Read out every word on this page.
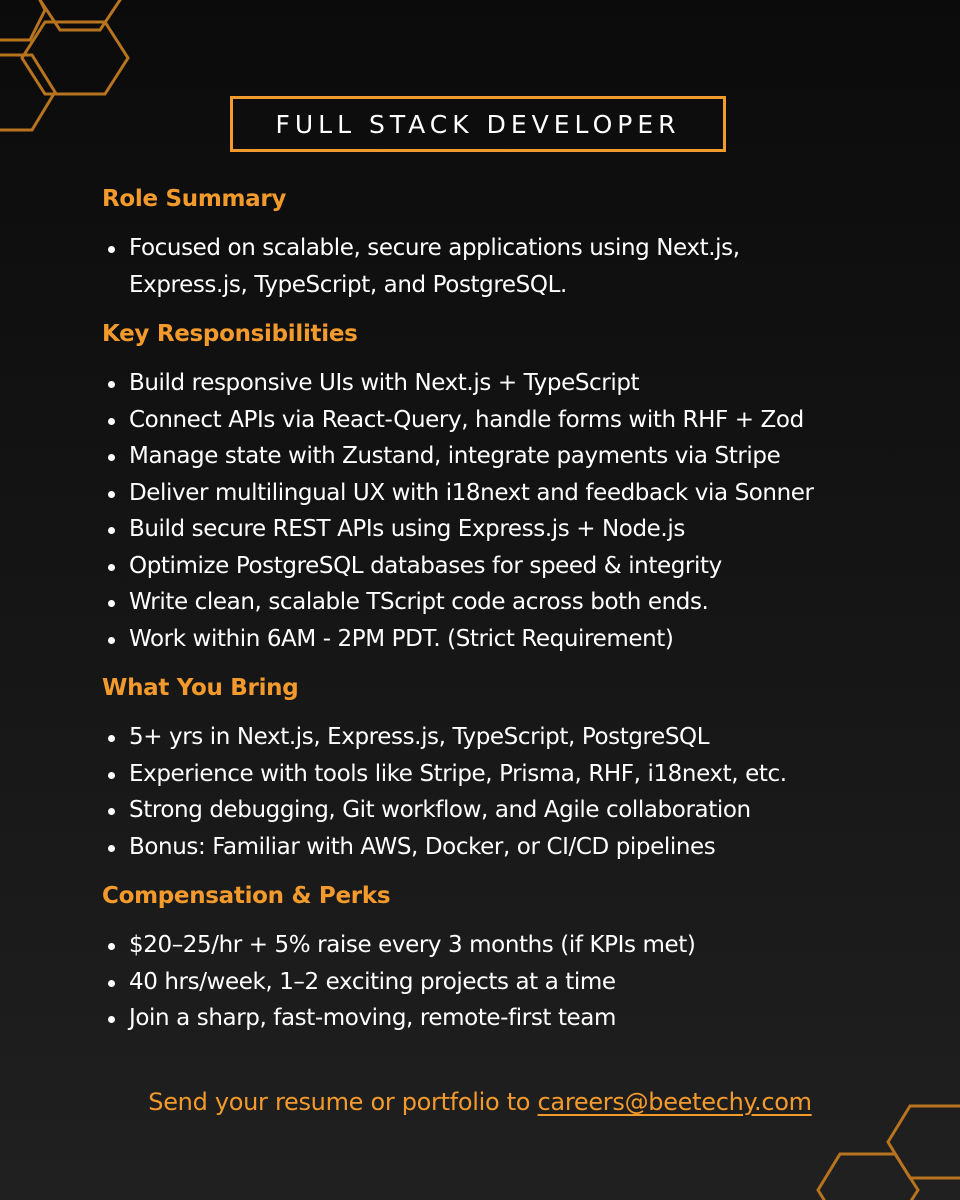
FULL STACK DEVELOPER
Role Summary
Focused on scalable, secure applications using Next.js, Express.js, TypeScript, and PostgreSQL.
Key Responsibilities
Build responsive UIs with Next.js + TypeScript
Connect APIs via React-Query, handle forms with RHF + Zod
Manage state with Zustand, integrate payments via Stripe
Deliver multilingual UX with i18next and feedback via Sonner
Build secure REST APIs using Express.js + Node.js
Optimize PostgreSQL databases for speed & integrity
Write clean, scalable TScript code across both ends.
Work within 6AM - 2PM PDT. (Strict Requirement)
What You Bring
5+ yrs in Next.js, Express.js, TypeScript, PostgreSQL
Experience with tools like Stripe, Prisma, RHF, i18next, etc.
Strong debugging, Git workflow, and Agile collaboration
Bonus: Familiar with AWS, Docker, or CI/CD pipelines
Compensation & Perks
$20–25/hr + 5% raise every 3 months (if KPIs met)
40 hrs/week, 1–2 exciting projects at a time
Join a sharp, fast-moving, remote-first team
Send your resume or portfolio to careers@beetechy.com
